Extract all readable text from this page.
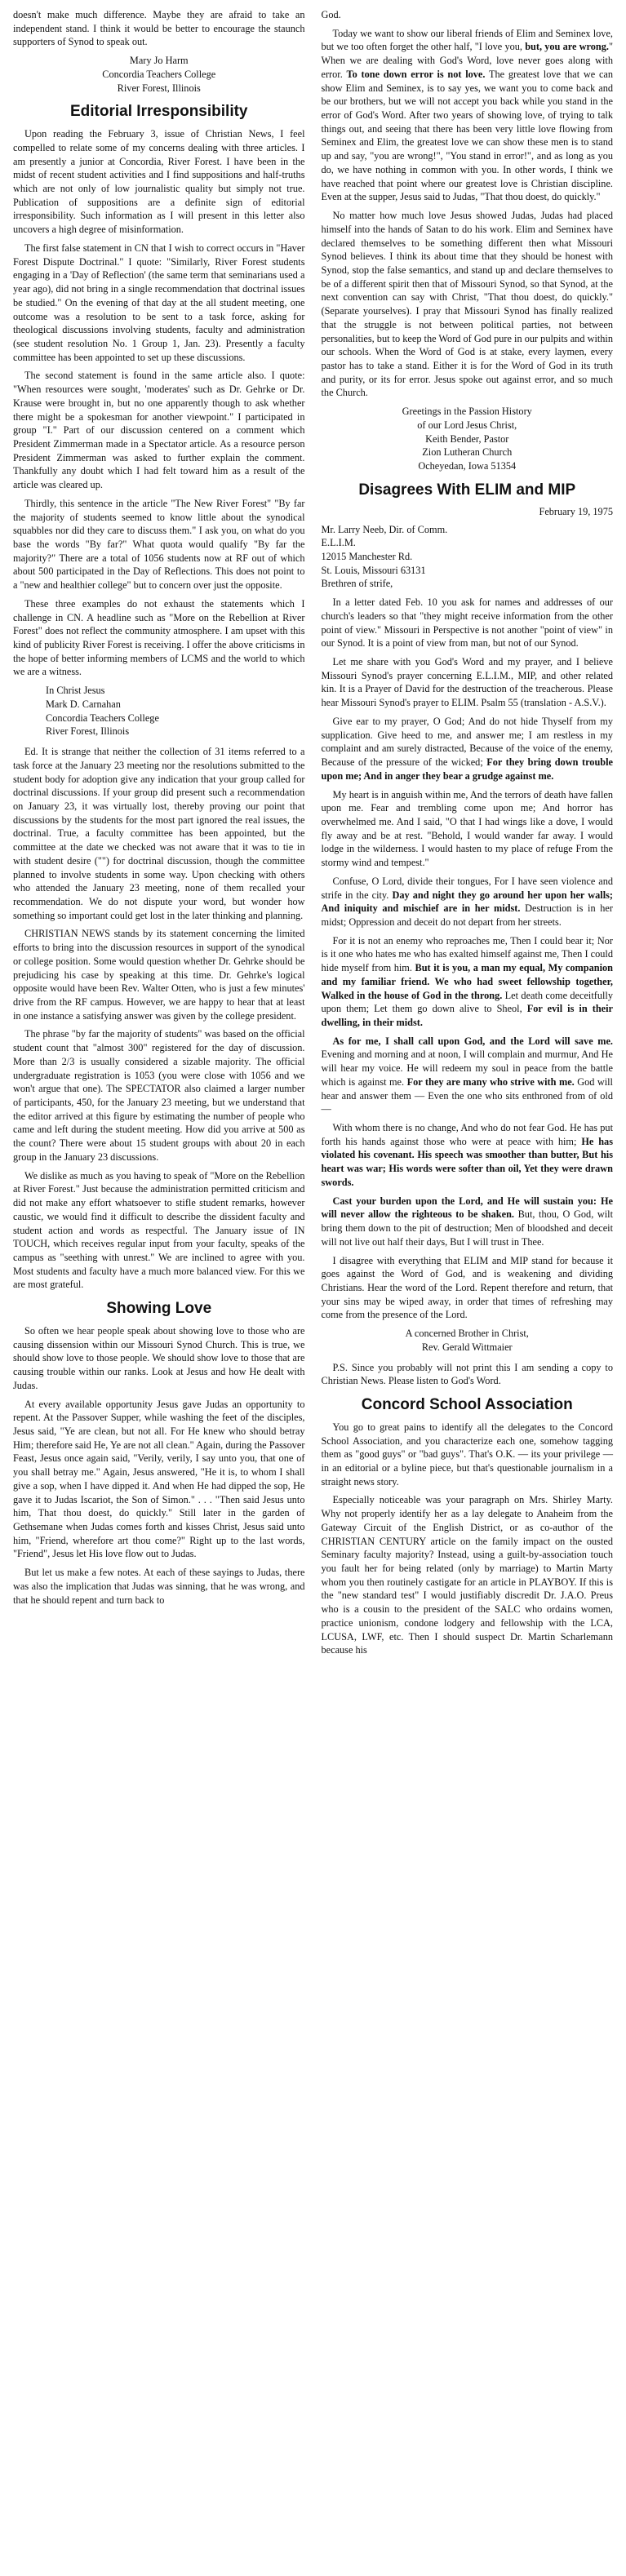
doesn't make much difference. Maybe they are afraid to take an independent stand. I think it would be better to encourage the staunch supporters of Synod to speak out.

Mary Jo Harm
Concordia Teachers College
River Forest, Illinois
Editorial Irresponsibility

Upon reading the February 3, issue of Christian News, I feel compelled to relate some of my concerns dealing with three articles. I am presently a junior at Concordia, River Forest. I have been in the midst of recent student activities and I find suppositions and half-truths which are not only of low journalistic quality but simply not true. Publication of suppositions are a definite sign of editorial irresponsibility. Such information as I will present in this letter also uncovers a high degree of misinformation.

The first false statement in CN that I wish to correct occurs in "Haver Forest Dispute Doctrinal." I quote: "Similarly, River Forest students engaging in a 'Day of Reflection' (the same term that seminarians used a year ago), did not bring in a single recommendation that doctrinal issues be studied." On the evening of that day at the all student meeting, one outcome was a resolution to be sent to a task force, asking for theological discussions involving students, faculty and administration (see student resolution No. 1 Group 1, Jan. 23). Presently a faculty committee has been appointed to set up these discussions.

The second statement is found in the same article also. I quote: "When resources were sought, 'moderates' such as Dr. Gehrke or Dr. Krause were brought in, but no one apparently though to ask whether there might be a spokesman for another viewpoint." I participated in group "I." Part of our discussion centered on a comment which President Zimmerman made in a Spectator article. As a resource person President Zimmerman was asked to further explain the comment. Thankfully any doubt which I had felt toward him as a result of the article was cleared up.

Thirdly, this sentence in the article "The New River Forest" "By far the majority of students seemed to know little about the synodical squabbles nor did they care to discuss them." I ask you, on what do you base the words "By far?" What quota would qualify "By far the majority?" There are a total of 1056 students now at RF out of which about 500 participated in the Day of Reflections. This does not point to a "new and healthier college" but to concern over just the opposite.

These three examples do not exhaust the statements which I challenge in CN. A headline such as "More on the Rebellion at River Forest" does not reflect the community atmosphere. I am upset with this kind of publicity River Forest is receiving. I offer the above criticisms in the hope of better informing members of LCMS and the world to which we are a witness.

In Christ Jesus
Mark D. Carnahan
Concordia Teachers College
River Forest, Illinois

Ed. It is strange that neither the collection of 31 items referred to a task force at the January 23 meeting nor the resolutions submitted to the student body for adoption give any indication that your group called for doctrinal discussions. If your group did present such a recommendation on January 23, it was virtually lost, thereby proving our point that discussions by the students for the most part ignored the real issues, the doctrinal. True, a faculty committee has been appointed, but the committee at the date we checked was not aware that it was to tie in with student desire ("") for doctrinal discussion, though the committee planned to involve students in some way. Upon checking with others who attended the January 23 meeting, none of them recalled your recommendation. We do not dispute your word, but wonder how something so important could get lost in the later thinking and planning.

CHRISTIAN NEWS stands by its statement concerning the limited efforts to bring into the discussion resources in support of the synodical or college position. Some would question whether Dr. Gehrke should be prejudicing his case by speaking at this time. Dr. Gehrke's logical opposite would have been Rev. Walter Otten, who is just a few minutes' drive from the RF campus. However, we are happy to hear that at least in one instance a satisfying answer was given by the college president.

The phrase "by far the majority of students" was based on the official student count that "almost 300" registered for the day of discussion. More than 2/3 is usually considered a sizable majority. The official undergraduate registration is 1053 (you were close with 1056 and we won't argue that one). The SPECTATOR also claimed a larger number of participants, 450, for the January 23 meeting, but we understand that the editor arrived at this figure by estimating the number of people who came and left during the student meeting. How did you arrive at 500 as the count? There were about 15 student groups with about 20 in each group in the January 23 discussions.

We dislike as much as you having to speak of "More on the Rebellion at River Forest." Just because the administration permitted criticism and did not make any effort whatsoever to stifle student remarks, however caustic, we would find it difficult to describe the dissident faculty and student action and words as respectful. The January issue of IN TOUCH, which receives regular input from your faculty, speaks of the campus as "seething with unrest." We are inclined to agree with you. Most students and faculty have a much more balanced view. For this we are most grateful.

Showing Love

So often we hear people speak about showing love to those who are causing dissension within our Missouri Synod Church. This is true, we should show love to those people. We should show love to those that are causing trouble within our ranks. Look at Jesus and how He dealt with Judas.

At every available opportunity Jesus gave Judas an opportunity to repent. At the Passover Supper, while washing the feet of the disciples, Jesus said, "Ye are clean, but not all. For He knew who should betray Him; therefore said He, Ye are not all clean." Again, during the Passover Feast, Jesus once again said, "Verily, verily, I say unto you, that one of you shall betray me." Again, Jesus answered, "He it is, to whom I shall give a sop, when I have dipped it. And when He had dipped the sop, He gave it to Judas Iscariot, the Son of Simon." . . . "Then said Jesus unto him, That thou doest, do quickly." Still later in the garden of Gethsemane when Judas comes forth and kisses Christ, Jesus said unto him, "Friend, wherefore art thou come?" Right up to the last words, "Friend", Jesus let His love flow out to Judas.

But let us make a few notes. At each of these sayings to Judas, there was also the implication that Judas was sinning, that he was wrong, and that he should repent and turn back to

God.

Today we want to show our liberal friends of Elim and Seminex love, but we too often forget the other half, "I love you, but, you are wrong." When we are dealing with God's Word, love never goes along with error. To tone down error is not love. The greatest love that we can show Elim and Seminex, is to say yes, we want you to come back and be our brothers, but we will not accept you back while you stand in the error of God's Word. After two years of showing love, of trying to talk things out, and seeing that there has been very little love flowing from Seminex and Elim, the greatest love we can show these men is to stand up and say, "you are wrong!", "You stand in error!", and as long as you do, we have nothing in common with you. In other words, I think we have reached that point where our greatest love is Christian discipline. Even at the supper, Jesus said to Judas, "That thou doest, do quickly."

No matter how much love Jesus showed Judas, Judas had placed himself into the hands of Satan to do his work. Elim and Seminex have declared themselves to be something different then what Missouri Synod believes. I think its about time that they should be honest with Synod, stop the false semantics, and stand up and declare themselves to be of a different spirit then that of Missouri Synod, so that Synod, at the next convention can say with Christ, "That thou doest, do quickly." (Separate yourselves). I pray that Missouri Synod has finally realized that the struggle is not between political parties, not between personalities, but to keep the Word of God pure in our pulpits and within our schools. When the Word of God is at stake, every laymen, every pastor has to take a stand. Either it is for the Word of God in its truth and purity, or its for error. Jesus spoke out against error, and so much the Church.

Greetings in the Passion History
of our Lord Jesus Christ,
Keith Bender, Pastor
Zion Lutheran Church
Ocheyedan, Iowa 51354
Disagrees With ELIM and MIP
February 19, 1975
Mr. Larry Neeb, Dir. of Comm.
E.L.I.M.
12015 Manchester Rd.
St. Louis, Missouri 63131
Brethren of strife,

In a letter dated Feb. 10 you ask for names and addresses of our church's leaders so that "they might receive information from the other point of view." Missouri in Perspective is not another "point of view" in our Synod. It is a point of view from man, but not of our Synod.

Let me share with you God's Word and my prayer, and I believe Missouri Synod's prayer concerning E.L.I.M., MIP, and other related kin. It is a Prayer of David for the destruction of the treacherous. Please hear Missouri Synod's prayer to ELIM. Psalm 55 (translation - A.S.V.).

Give ear to my prayer, O God; And do not hide Thyself from my supplication. Give heed to me, and answer me; I am restless in my complaint and am surely distracted, Because of the voice of the enemy, Because of the pressure of the wicked; For they bring down trouble upon me; And in anger they bear a grudge against me.

My heart is in anguish within me, And the terrors of death have fallen upon me. Fear and trembling come upon me; And horror has overwhelmed me. And I said, "O that I had wings like a dove, I would fly away and be at rest. "Behold, I would wander far away. I would lodge in the wilderness. I would hasten to my place of refuge From the stormy wind and tempest."

Confuse, O Lord, divide their tongues, For I have seen violence and strife in the city. Day and night they go around her upon her walls; And iniquity and mischief are in her midst. Destruction is in her midst; Oppression and deceit do not depart from her streets.

For it is not an enemy who reproaches me, Then I could bear it; Nor is it one who hates me who has exalted himself against me, Then I could hide myself from him. But it is you, a man my equal, My companion and my familiar friend. We who had sweet fellowship together, Walked in the house of God in the throng. Let death come deceitfully upon them; Let them go down alive to Sheol, For evil is in their dwelling, in their midst.

As for me, I shall call upon God, and the Lord will save me. Evening and morning and at noon, I will complain and murmur, And He will hear my voice. He will redeem my soul in peace from the battle which is against me. For they are many who strive with me. God will hear and answer them — Even the one who sits enthroned from of old —

With whom there is no change, And who do not fear God. He has put forth his hands against those who were at peace with him; He has violated his covenant. His speech was smoother than butter, But his heart was war; His words were softer than oil, Yet they were drawn swords.

Cast your burden upon the Lord, and He will sustain you: He will never allow the righteous to be shaken. But, thou, O God, wilt bring them down to the pit of destruction; Men of bloodshed and deceit will not live out half their days, But I will trust in Thee.

I disagree with everything that ELIM and MIP stand for because it goes against the Word of God, and is weakening and dividing Christians. Hear the word of the Lord. Repent therefore and return, that your sins may be wiped away, in order that times of refreshing may come from the presence of the Lord.

A concerned Brother in Christ,
Rev. Gerald Wittmaier

P.S. Since you probably will not print this I am sending a copy to Christian News. Please listen to God's Word.

Concord School Association

You go to great pains to identify all the delegates to the Concord School Association, and you characterize each one, somehow tagging them as "good guys" or "bad guys". That's O.K. — its your privilege — in an editorial or a byline piece, but that's questionable journalism in a straight news story.

Especially noticeable was your paragraph on Mrs. Shirley Marty. Why not properly identify her as a lay delegate to Anaheim from the Gateway Circuit of the English District, or as co-author of the CHRISTIAN CENTURY article on the family impact on the ousted Seminary faculty majority? Instead, using a guilt-by-association touch you fault her for being related (only by marriage) to Martin Marty whom you then routinely castigate for an article in PLAYBOY. If this is the "new standard test" I would justifiably discredit Dr. J.A.O. Preus who is a cousin to the president of the SALC who ordains women, practice unionism, condone lodgery and fellowship with the LCA, LCUSA, LWF, etc. Then I should suspect Dr. Martin Scharlemann because his
